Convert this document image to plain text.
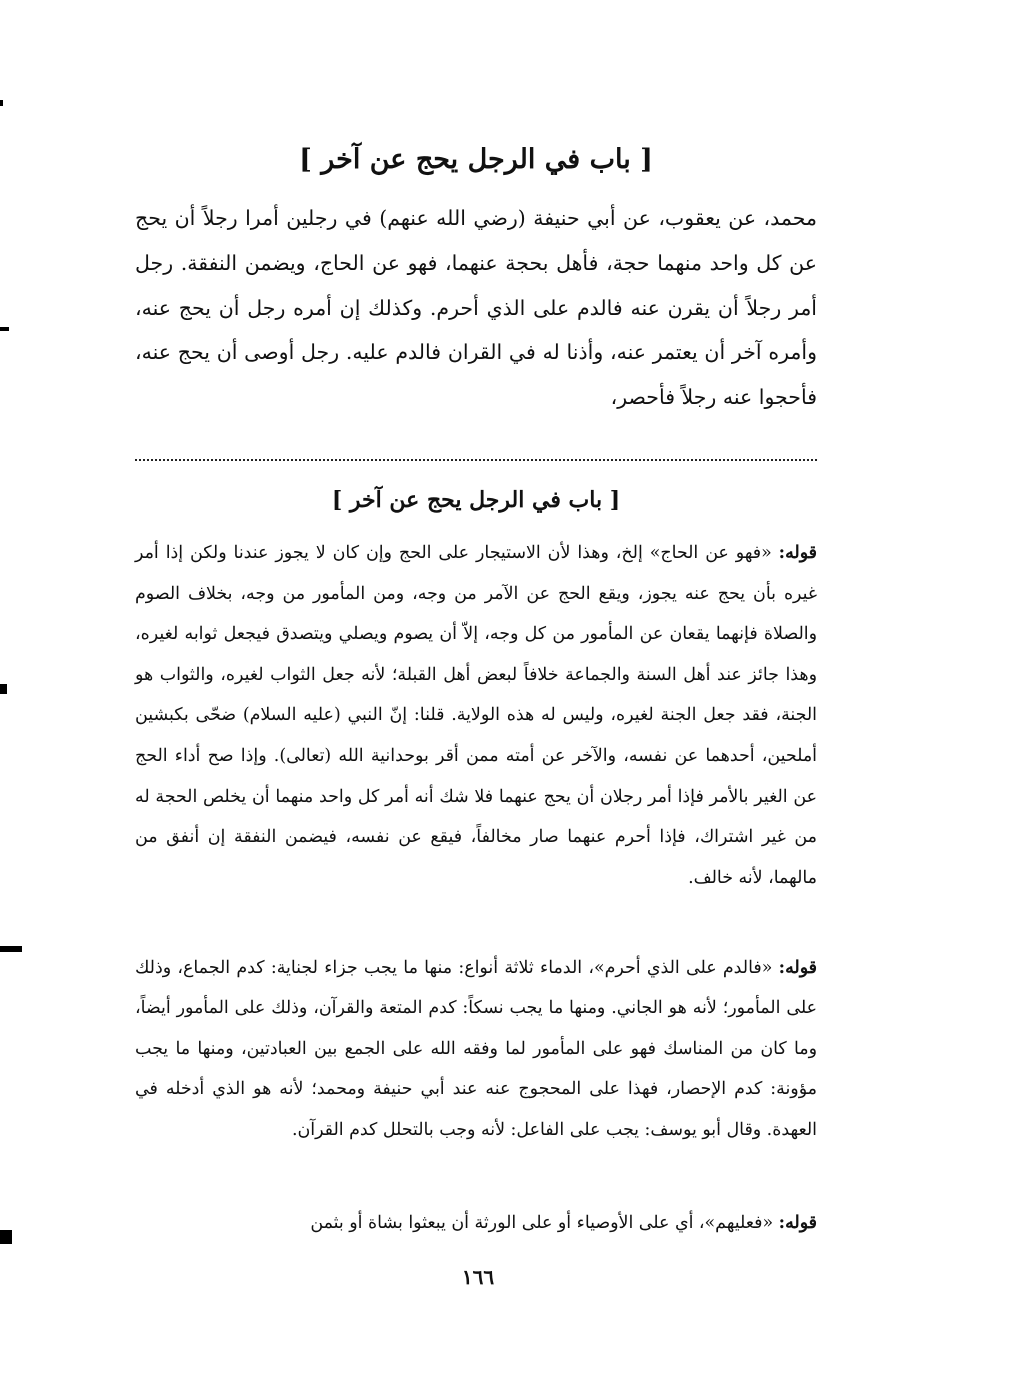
[ باب في الرجل يحج عن آخر ]

محمد، عن يعقوب، عن أبي حنيفة (رضي الله عنهم) في رجلين أمرا رجلاً أن يحج عن كل واحد منهما حجة، فأهل بحجة عنهما، فهو عن الحاج، ويضمن النفقة. رجل أمر رجلاً أن يقرن عنه فالدم على الذي أحرم. وكذلك إن أمره رجل أن يحج عنه، وأمره آخر أن يعتمر عنه، وأذنا له في القران فالدم عليه. رجل أوصى أن يحج عنه، فأحجوا عنه رجلاً فأحصر،

[ باب في الرجل يحج عن آخر ]

قوله: «فهو عن الحاج» إلخ، وهذا لأن الاستيجار على الحج وإن كان لا يجوز عندنا ولكن إذا أمر غيره بأن يحج عنه يجوز، ويقع الحج عن الآمر من وجه، ومن المأمور من وجه، بخلاف الصوم والصلاة فإنهما يقعان عن المأمور من كل وجه، إلاّ أن يصوم ويصلي ويتصدق فيجعل ثوابه لغيره، وهذا جائز عند أهل السنة والجماعة خلافاً لبعض أهل القبلة؛ لأنه جعل الثواب لغيره، والثواب هو الجنة، فقد جعل الجنة لغيره، وليس له هذه الولاية. قلنا: إنّ النبي (عليه السلام) ضحّى بكبشين أملحين، أحدهما عن نفسه، والآخر عن أمته ممن أقر بوحدانية الله (تعالى). وإذا صح أداء الحج عن الغير بالأمر فإذا أمر رجلان أن يحج عنهما فلا شك أنه أمر كل واحد منهما أن يخلص الحجة له من غير اشتراك، فإذا أحرم عنهما صار مخالفاً، فيقع عن نفسه، فيضمن النفقة إن أنفق من مالهما، لأنه خالف.

قوله: «فالدم على الذي أحرم»، الدماء ثلاثة أنواع: منها ما يجب جزاء لجناية: كدم الجماع، وذلك على المأمور؛ لأنه هو الجاني. ومنها ما يجب نسكاً: كدم المتعة والقرآن، وذلك على المأمور أيضاً، وما كان من المناسك فهو على المأمور لما وفقه الله على الجمع بين العبادتين، ومنها ما يجب مؤونة: كدم الإحصار، فهذا على المحجوج عنه عند أبي حنيفة ومحمد؛ لأنه هو الذي أدخله في العهدة. وقال أبو يوسف: يجب على الفاعل: لأنه وجب بالتحلل كدم القرآن.

قوله: «فعليهم»، أي على الأوصياء أو على الورثة أن يبعثوا بشاة أو بثمن

١٦٦
